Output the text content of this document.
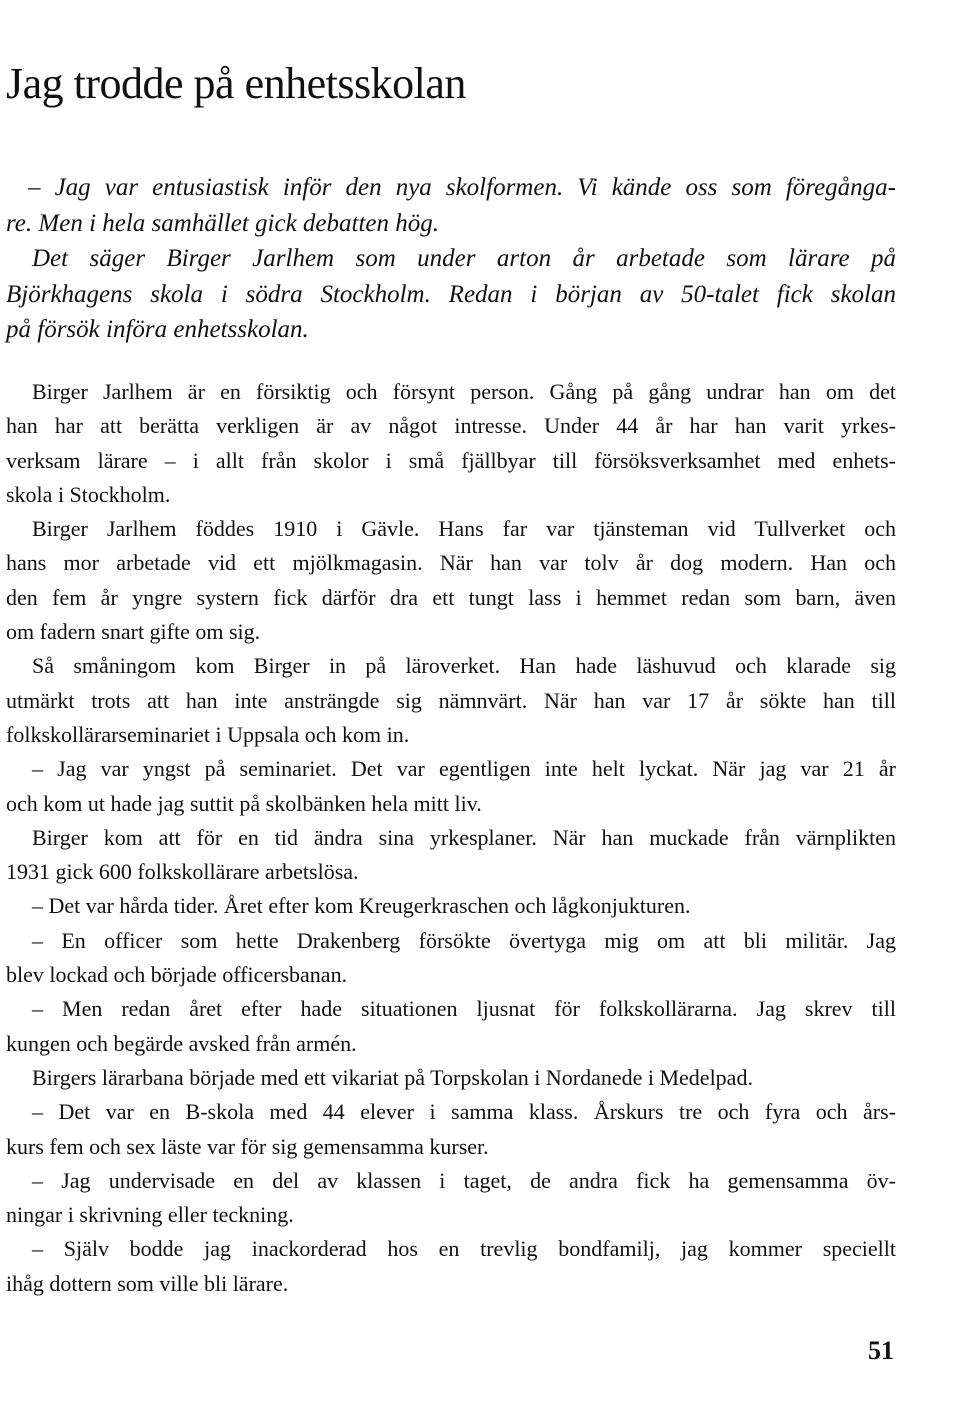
Jag trodde på enhetsskolan
– Jag var entusiastisk inför den nya skolformen. Vi kände oss som föregånga-
re. Men i hela samhället gick debatten hög.
Det säger Birger Jarlhem som under arton år arbetade som lärare på
Björkhagens skola i södra Stockholm. Redan i början av 50-talet fick skolan
på försök införa enhetsskolan.
Birger Jarlhem är en försiktig och försynt person. Gång på gång undrar han om det
han har att berätta verkligen är av något intresse. Under 44 år har han varit yrkes-
verksam lärare – i allt från skolor i små fjällbyar till försöksverksamhet med enhets-
skola i Stockholm.
Birger Jarlhem föddes 1910 i Gävle. Hans far var tjänsteman vid Tullverket och
hans mor arbetade vid ett mjölkmagasin. När han var tolv år dog modern. Han och
den fem år yngre systern fick därför dra ett tungt lass i hemmet redan som barn, även
om fadern snart gifte om sig.
Så småningom kom Birger in på läroverket. Han hade läshuvud och klarade sig
utmärkt trots att han inte ansträngde sig nämnvärt. När han var 17 år sökte han till
folkskollärarseminariet i Uppsala och kom in.
– Jag var yngst på seminariet. Det var egentligen inte helt lyckat. När jag var 21 år
och kom ut hade jag suttit på skolbänken hela mitt liv.
Birger kom att för en tid ändra sina yrkesplaner. När han muckade från värnplikten
1931 gick 600 folkskollärare arbetslösa.
– Det var hårda tider. Året efter kom Kreugerkraschen och lågkonjukturen.
– En officer som hette Drakenberg försökte övertyga mig om att bli militär. Jag
blev lockad och började officersbanan.
– Men redan året efter hade situationen ljusnat för folkskollärarna. Jag skrev till
kungen och begärde avsked från armén.
Birgers lärarbana började med ett vikariat på Torpskolan i Nordanede i Medelpad.
– Det var en B-skola med 44 elever i samma klass. Årskurs tre och fyra och års-
kurs fem och sex läste var för sig gemensamma kurser.
– Jag undervisade en del av klassen i taget, de andra fick ha gemensamma öv-
ningar i skrivning eller teckning.
– Själv bodde jag inackorderad hos en trevlig bondfamilj, jag kommer speciellt
ihåg dottern som ville bli lärare.
51
